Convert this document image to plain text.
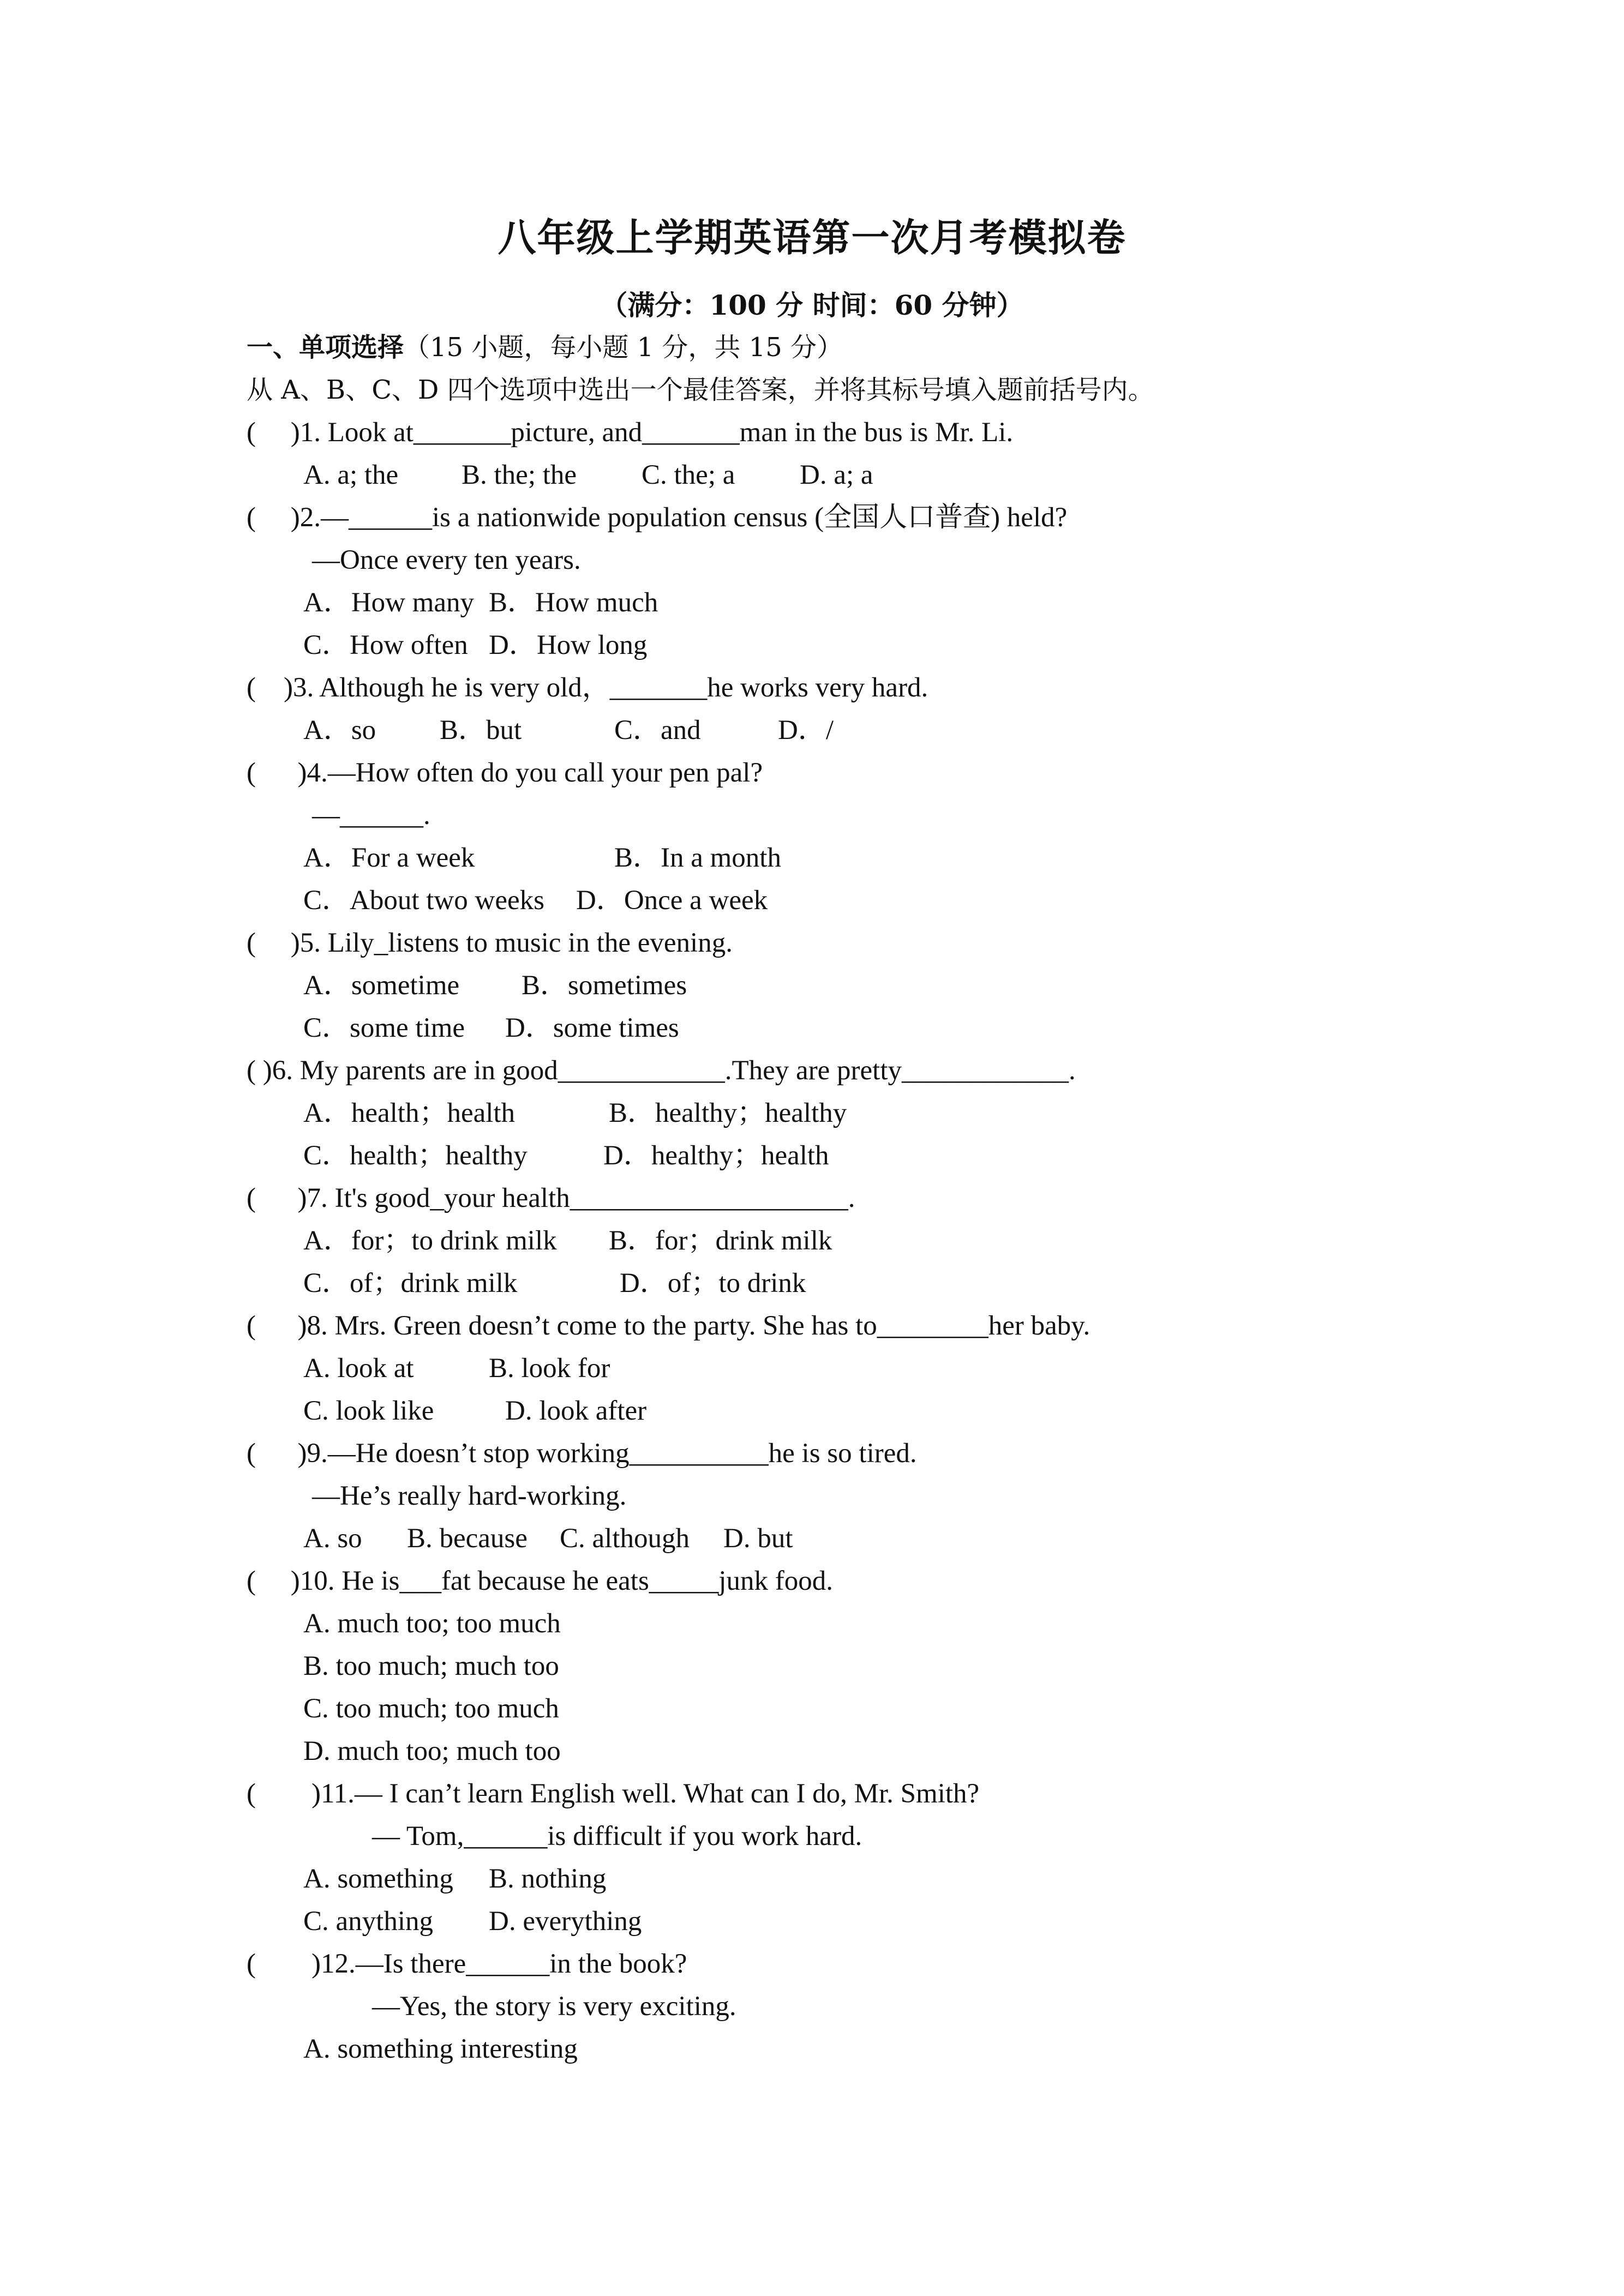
八年级上学期英语第一次月考模拟卷
（满分：100 分 时间：60 分钟）
一、单项选择（15 小题，每小题 1 分，共 15 分）
从 A、B、C、D 四个选项中选出一个最佳答案，并将其标号填入题前括号内。
(     )1. Look at_______picture, and_______man in the bus is Mr. Li.
A. a; the B. the; the C. the; a D. a; a
(     )2.—______is a nationwide population census (全国人口普查) held?
—Once every ten years.
A．How many B．How much
C．How often D．How long
(    )3. Although he is very old，_______he works very hard.
A．so B．but	C．and	D．/
(      )4.—How often do you call your pen pal?
—______.
A．For a week	B．In a month
C．About two weeks D．Once a week
(     )5. Lily_listens to music in the evening.
A．sometime B．sometimes
C．some time D．some times
( )6. My parents are in good____________.They are pretty____________.
A．health；health	B．healthy；healthy
C．health；healthy	D．healthy；health
(      )7. It's good_your health____________________.
A．for；to drink milk B．for；drink milk
C．of；drink milk	D．of；to drink
(      )8. Mrs. Green doesn’t come to the party. She has to________her baby.
A. look at	B. look for
C. look like	D. look after
(      )9.—He doesn’t stop working__________he is so tired.
—He’s really hard-working.
A. so B. because C. although D. but
(     )10. He is___fat because he eats_____junk food.
A. much too; too much
B. too much; much too
C. too much; too much
D. much too; much too
(        )11.— I can’t learn English well. What can I do, Mr. Smith?
— Tom,______is difficult if you work hard.
A. something B. nothing
C. anything D. everything
(        )12.—Is there______in the book?
—Yes, the story is very exciting.
A. something interesting
